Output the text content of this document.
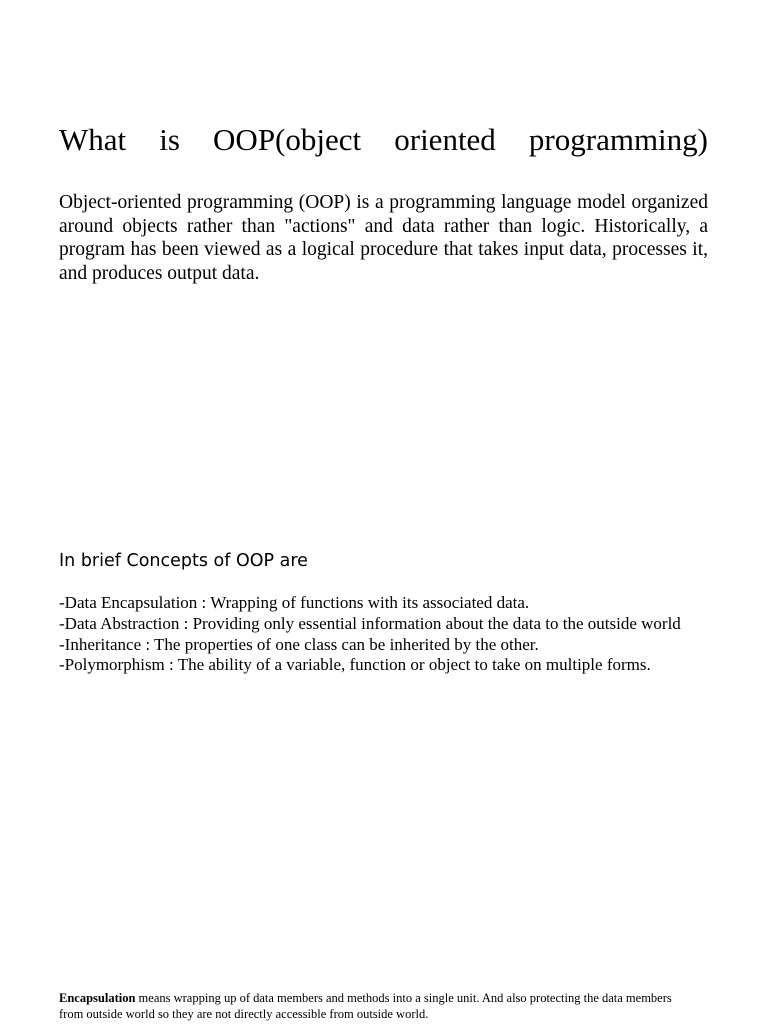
What is OOP(object oriented programming)

Object-oriented programming (OOP) is a programming language model organized around objects rather than "actions" and data rather than logic. Historically, a program has been viewed as a logical procedure that takes input data, processes it, and produces output data.

In brief Concepts of OOP are
-Data Encapsulation : Wrapping of functions with its associated data.
-Data Abstraction : Providing only essential information about the data to the outside world
-Inheritance : The properties of one class can be inherited by the other.
-Polymorphism : The ability of a variable, function or object to take on multiple forms.

Encapsulation means wrapping up of data members and methods into a single unit. And also protecting the data members from outside world so they are not directly accessible from outside world.
